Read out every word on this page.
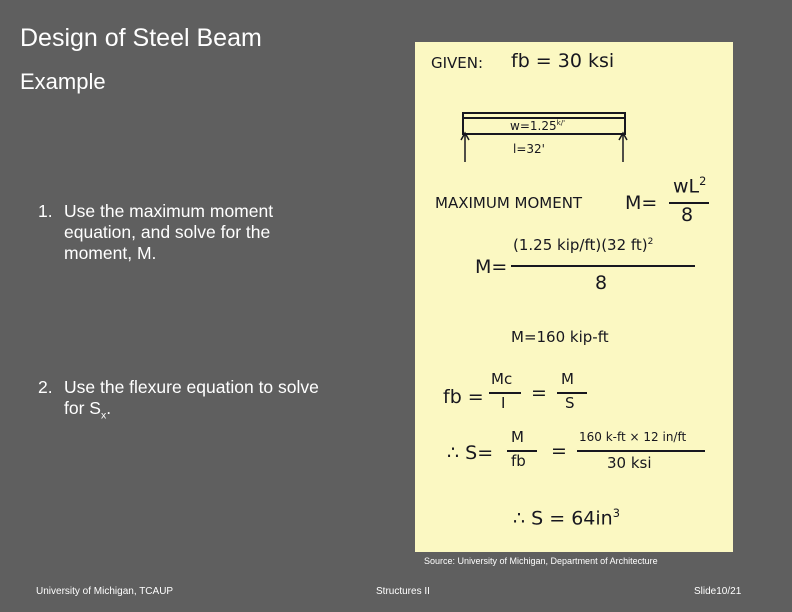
Design of Steel Beam
Example
1. Use the maximum moment equation, and solve for the moment, M.
2. Use the flexure equation to solve for $S_x$.
GIVEN: fb = 30 ksi
$w=1.25^{k/'}$
l=32'
MAXIMUM MOMENT M=
$wL^2$
8
M=
(1.25 kip/ft)(32 ft)$^2$
8
M=160 kip-ft
fb =
Mc
I =
M
S
∴ S=
M
fb =
160 k-ft × 12 in/ft
30 ksi
∴ $S = 64in^3$
Source: University of Michigan, Department of Architecture
University of Michigan, TCAUP	Structures II	Slide10/21
